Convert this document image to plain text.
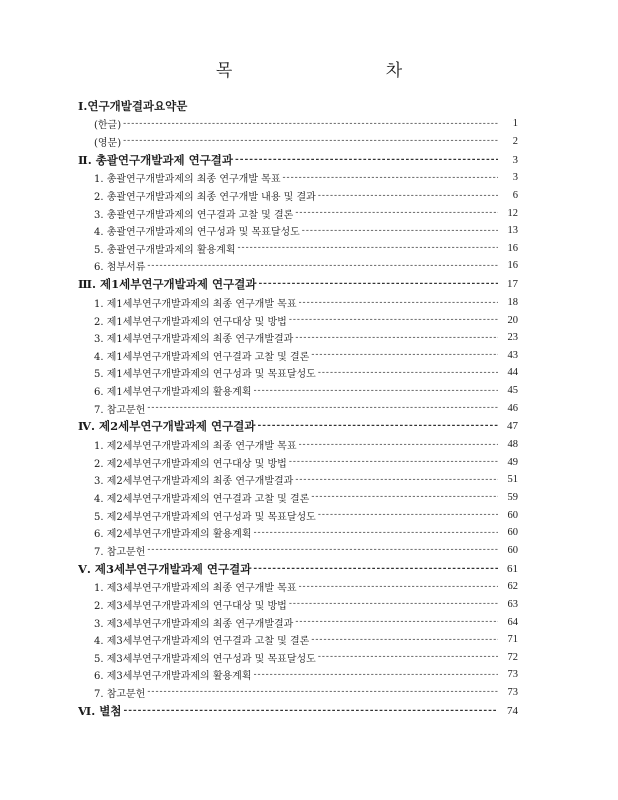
목 차
Ⅰ.연구개발결과요약문
(한글) -----	1
(영문) -----	2
Ⅱ. 총괄연구개발과제 연구결과 -----	3
1. 총괄연구개발과제의 최종 연구개발 목표 -----	3
2. 총괄연구개발과제의 최종 연구개발 내용 및 결과 -----	6
3. 총괄연구개발과제의 연구결과 고찰 및 결론 -----	12
4. 총괄연구개발과제의 연구성과 및 목표달성도 -----	13
5. 총괄연구개발과제의 활용계획 -----	16
6. 첨부서류 -----	16
Ⅲ. 제1세부연구개발과제 연구결과 -----	17
1. 제1세부연구개발과제의 최종 연구개발 목표 -----	18
2. 제1세부연구개발과제의 연구대상 및 방법 -----	20
3. 제1세부연구개발과제의 최종 연구개발결과 -----	23
4. 제1세부연구개발과제의 연구결과 고찰 및 결론 -----	43
5. 제1세부연구개발과제의 연구성과 및 목표달성도 -----	44
6. 제1세부연구개발과제의 활용계획 -----	45
7. 참고문헌 -----	46
Ⅳ. 제2세부연구개발과제 연구결과 -----	47
1. 제2세부연구개발과제의 최종 연구개발 목표 -----	48
2. 제2세부연구개발과제의 연구대상 및 방법 -----	49
3. 제2세부연구개발과제의 최종 연구개발결과 -----	51
4. 제2세부연구개발과제의 연구결과 고찰 및 결론 -----	59
5. 제2세부연구개발과제의 연구성과 및 목표달성도 -----	60
6. 제2세부연구개발과제의 활용계획 -----	60
7. 참고문헌 -----	60
Ⅴ. 제3세부연구개발과제 연구결과 -----	61
1. 제3세부연구개발과제의 최종 연구개발 목표 -----	62
2. 제3세부연구개발과제의 연구대상 및 방법 -----	63
3. 제3세부연구개발과제의 최종 연구개발결과 -----	64
4. 제3세부연구개발과제의 연구결과 고찰 및 결론 -----	71
5. 제3세부연구개발과제의 연구성과 및 목표달성도 -----	72
6. 제3세부연구개발과제의 활용계획 -----	73
7. 참고문헌 -----	73
Ⅵ. 별첨 -----	74
